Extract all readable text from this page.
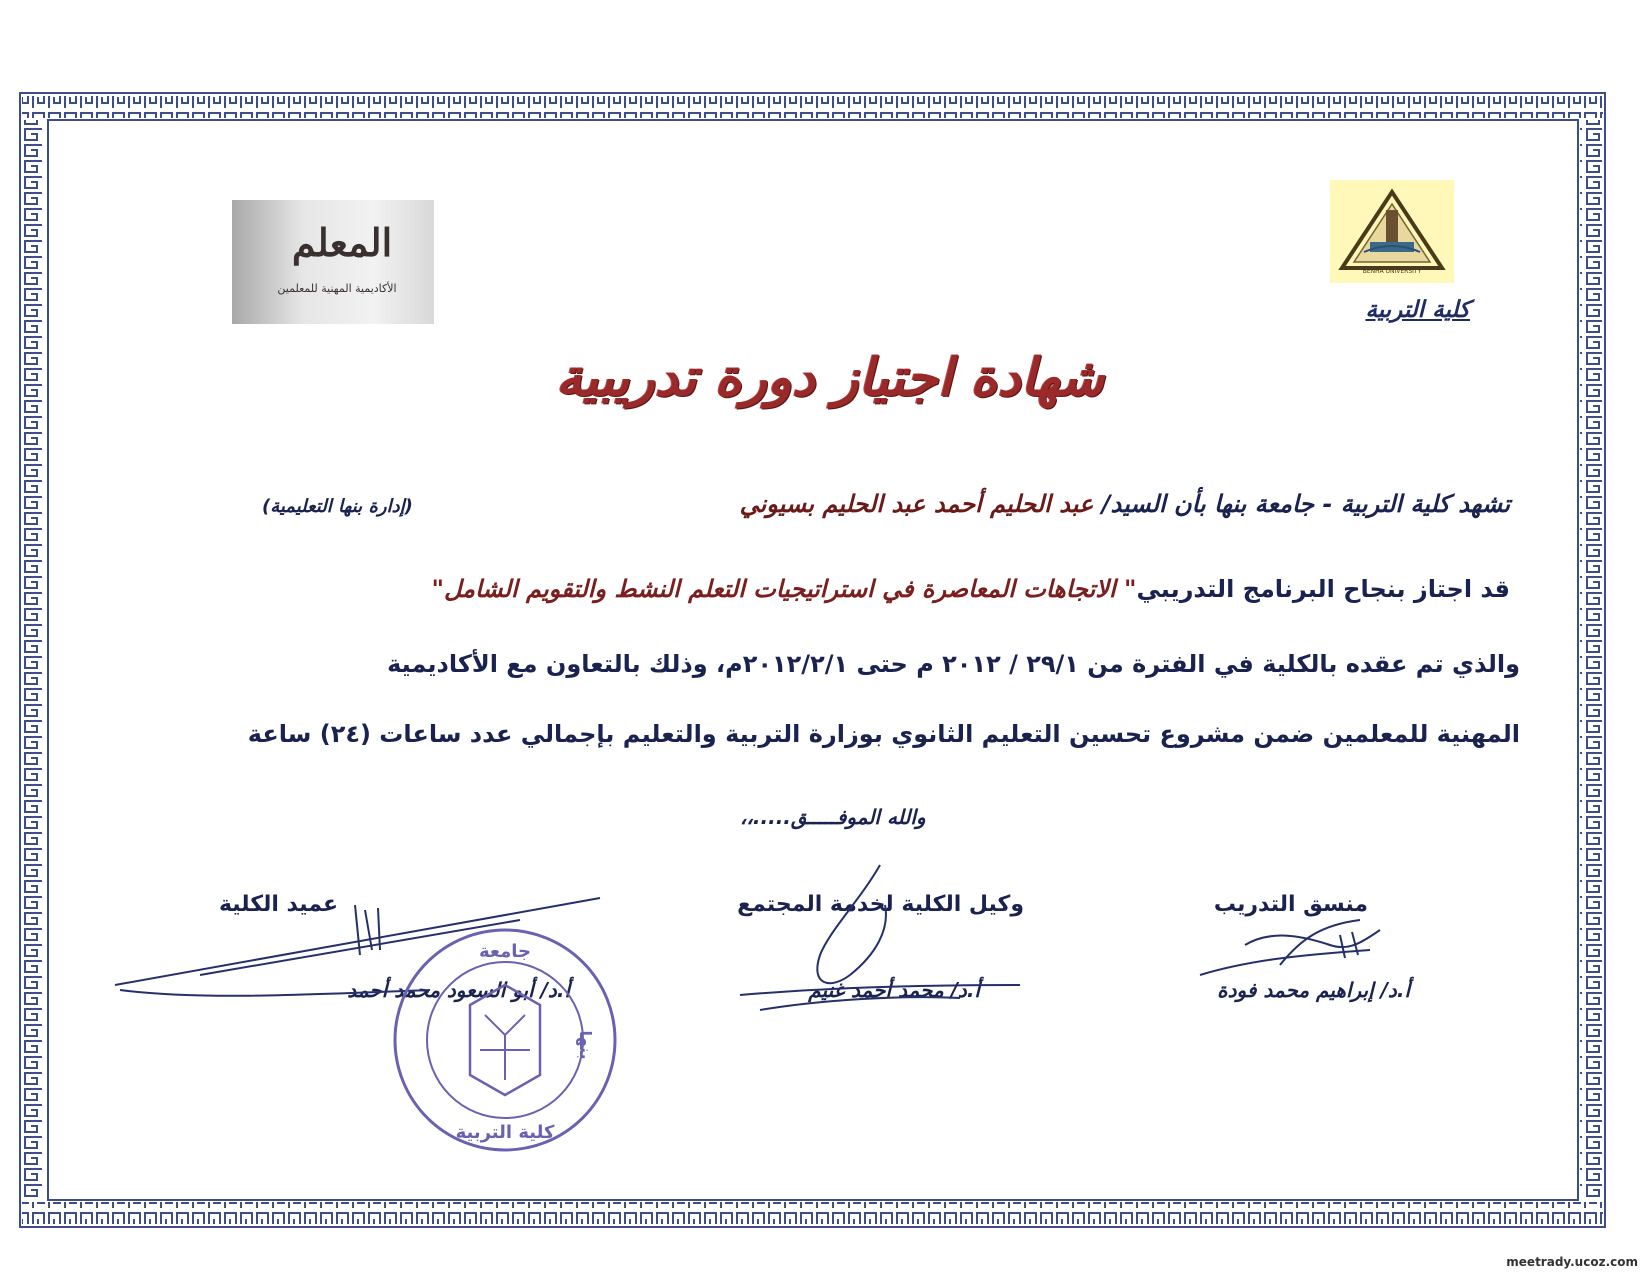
BENHA UNIVERSITY
كلية التربية
المعلم
الأكاديمية المهنية للمعلمين
شهادة اجتياز دورة تدريبية
تشهد كلية التربية - جامعة بنها بأن السيد/ عبد الحليم أحمد عبد الحليم بسيوني
(إدارة بنها التعليمية)
قد اجتاز بنجاح البرنامج التدريبي" الاتجاهات المعاصرة في استراتيجيات التعلم النشط والتقويم الشامل"
والذي تم عقده بالكلية في الفترة من ٢٩/١ / ٢٠١٢ م حتى ٢٠١٢/٢/١م، وذلك بالتعاون مع الأكاديمية
المهنية للمعلمين ضمن مشروع تحسين التعليم الثانوي بوزارة التربية والتعليم بإجمالي عدد ساعات (٢٤) ساعة
والله الموفـــــق.....،،
منسق التدريب
أ.د/ إبراهيم محمد فودة
وكيل الكلية لخدمة المجتمع
أ.د/ محمد أحمد غنيم
عميد الكلية
أ.د/ أبو السعود محمد أحمد
جامعة
بنها
كلية التربية
meetrady.ucoz.com
